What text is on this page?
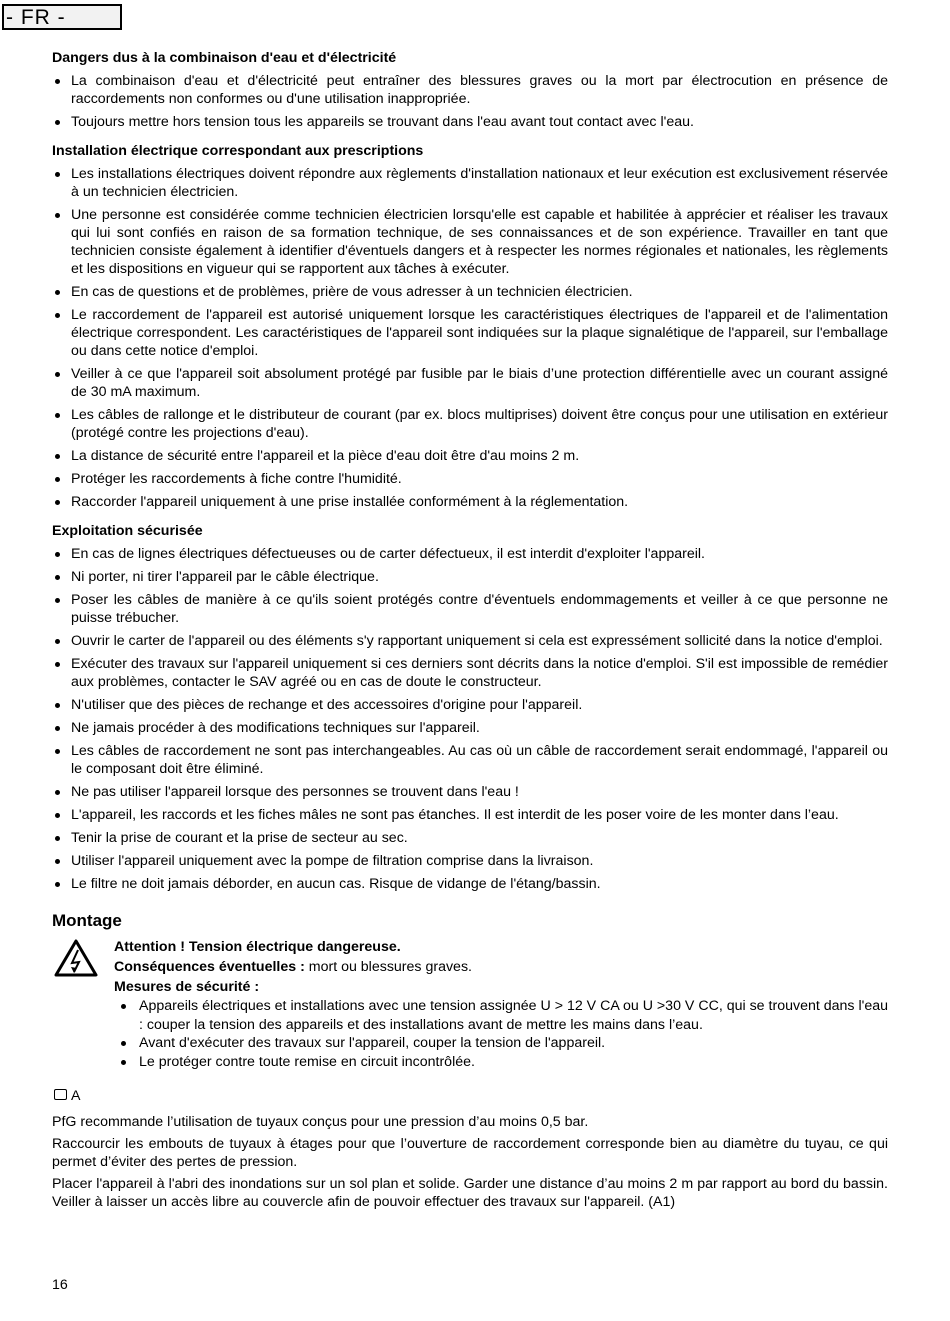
- FR -
Dangers dus à la combinaison d'eau et d'électricité
La combinaison d'eau et d'électricité peut entraîner des blessures graves ou la mort par électrocution en présence de raccordements non conformes ou d'une utilisation inappropriée.
Toujours mettre hors tension tous les appareils se trouvant dans l'eau avant tout contact avec l'eau.
Installation électrique correspondant aux prescriptions
Les installations électriques doivent répondre aux règlements d'installation nationaux et leur exécution est exclusivement réservée à un technicien électricien.
Une personne est considérée comme technicien électricien lorsqu'elle est capable et habilitée à apprécier et réaliser les travaux qui lui sont confiés en raison de sa formation technique, de ses connaissances et de son expérience. Travailler en tant que technicien consiste également à identifier d'éventuels dangers et à respecter les normes régionales et nationales, les règlements et les dispositions en vigueur qui se rapportent aux tâches à exécuter.
En cas de questions et de problèmes, prière de vous adresser à un technicien électricien.
Le raccordement de l'appareil est autorisé uniquement lorsque les caractéristiques électriques de l'appareil et de l'alimentation électrique correspondent. Les caractéristiques de l'appareil sont indiquées sur la plaque signalétique de l'appareil, sur l'emballage ou dans cette notice d'emploi.
Veiller à ce que l'appareil soit absolument protégé par fusible par le biais d’une protection différentielle avec un courant assigné de 30 mA maximum.
Les câbles de rallonge et le distributeur de courant (par ex. blocs multiprises) doivent être conçus pour une utilisation en extérieur (protégé contre les projections d'eau).
La distance de sécurité entre l'appareil et la pièce d'eau doit être d'au moins 2 m.
Protéger les raccordements à fiche contre l'humidité.
Raccorder l'appareil uniquement à une prise installée conformément à la réglementation.
Exploitation sécurisée
En cas de lignes électriques défectueuses ou de carter défectueux, il est interdit d'exploiter l'appareil.
Ni porter, ni tirer l'appareil par le câble électrique.
Poser les câbles de manière à ce qu'ils soient protégés contre d'éventuels endommagements et veiller à ce que personne ne puisse trébucher.
Ouvrir le carter de l'appareil ou des éléments s'y rapportant uniquement si cela est expressément sollicité dans la notice d'emploi.
Exécuter des travaux sur l'appareil uniquement si ces derniers sont décrits dans la notice d'emploi. S'il est impossible de remédier aux problèmes, contacter le SAV agréé ou en cas de doute le constructeur.
N'utiliser que des pièces de rechange et des accessoires d'origine pour l'appareil.
Ne jamais procéder à des modifications techniques sur l'appareil.
Les câbles de raccordement ne sont pas interchangeables. Au cas où un câble de raccordement serait endommagé, l'appareil ou le composant doit être éliminé.
Ne pas utiliser l'appareil lorsque des personnes se trouvent dans l'eau !
L'appareil, les raccords et les fiches mâles ne sont pas étanches. Il est interdit de les poser voire de les monter dans l’eau.
Tenir la prise de courant et la prise de secteur au sec.
Utiliser l'appareil uniquement avec la pompe de filtration comprise dans la livraison.
Le filtre ne doit jamais déborder, en aucun cas. Risque de vidange de l'étang/bassin.
Montage
Attention ! Tension électrique dangereuse.
Conséquences éventuelles : mort ou blessures graves.
Mesures de sécurité :
Appareils électriques et installations avec une tension assignée U > 12 V CA ou U >30 V CC, qui se trouvent dans l'eau : couper la tension des appareils et des installations avant de mettre les mains dans l’eau.
Avant d'exécuter des travaux sur l'appareil, couper la tension de l'appareil.
Le protéger contre toute remise en circuit incontrôlée.
A

PfG recommande l’utilisation de tuyaux conçus pour une pression d’au moins 0,5 bar.

Raccourcir les embouts de tuyaux à étages pour que l’ouverture de raccordement corresponde bien au diamètre du tuyau, ce qui permet d’éviter des pertes de pression.

Placer l'appareil à l'abri des inondations sur un sol plan et solide. Garder une distance d’au moins 2 m par rapport au bord du bassin. Veiller à laisser un accès libre au couvercle afin de pouvoir effectuer des travaux sur l'appareil. (A1)

16
